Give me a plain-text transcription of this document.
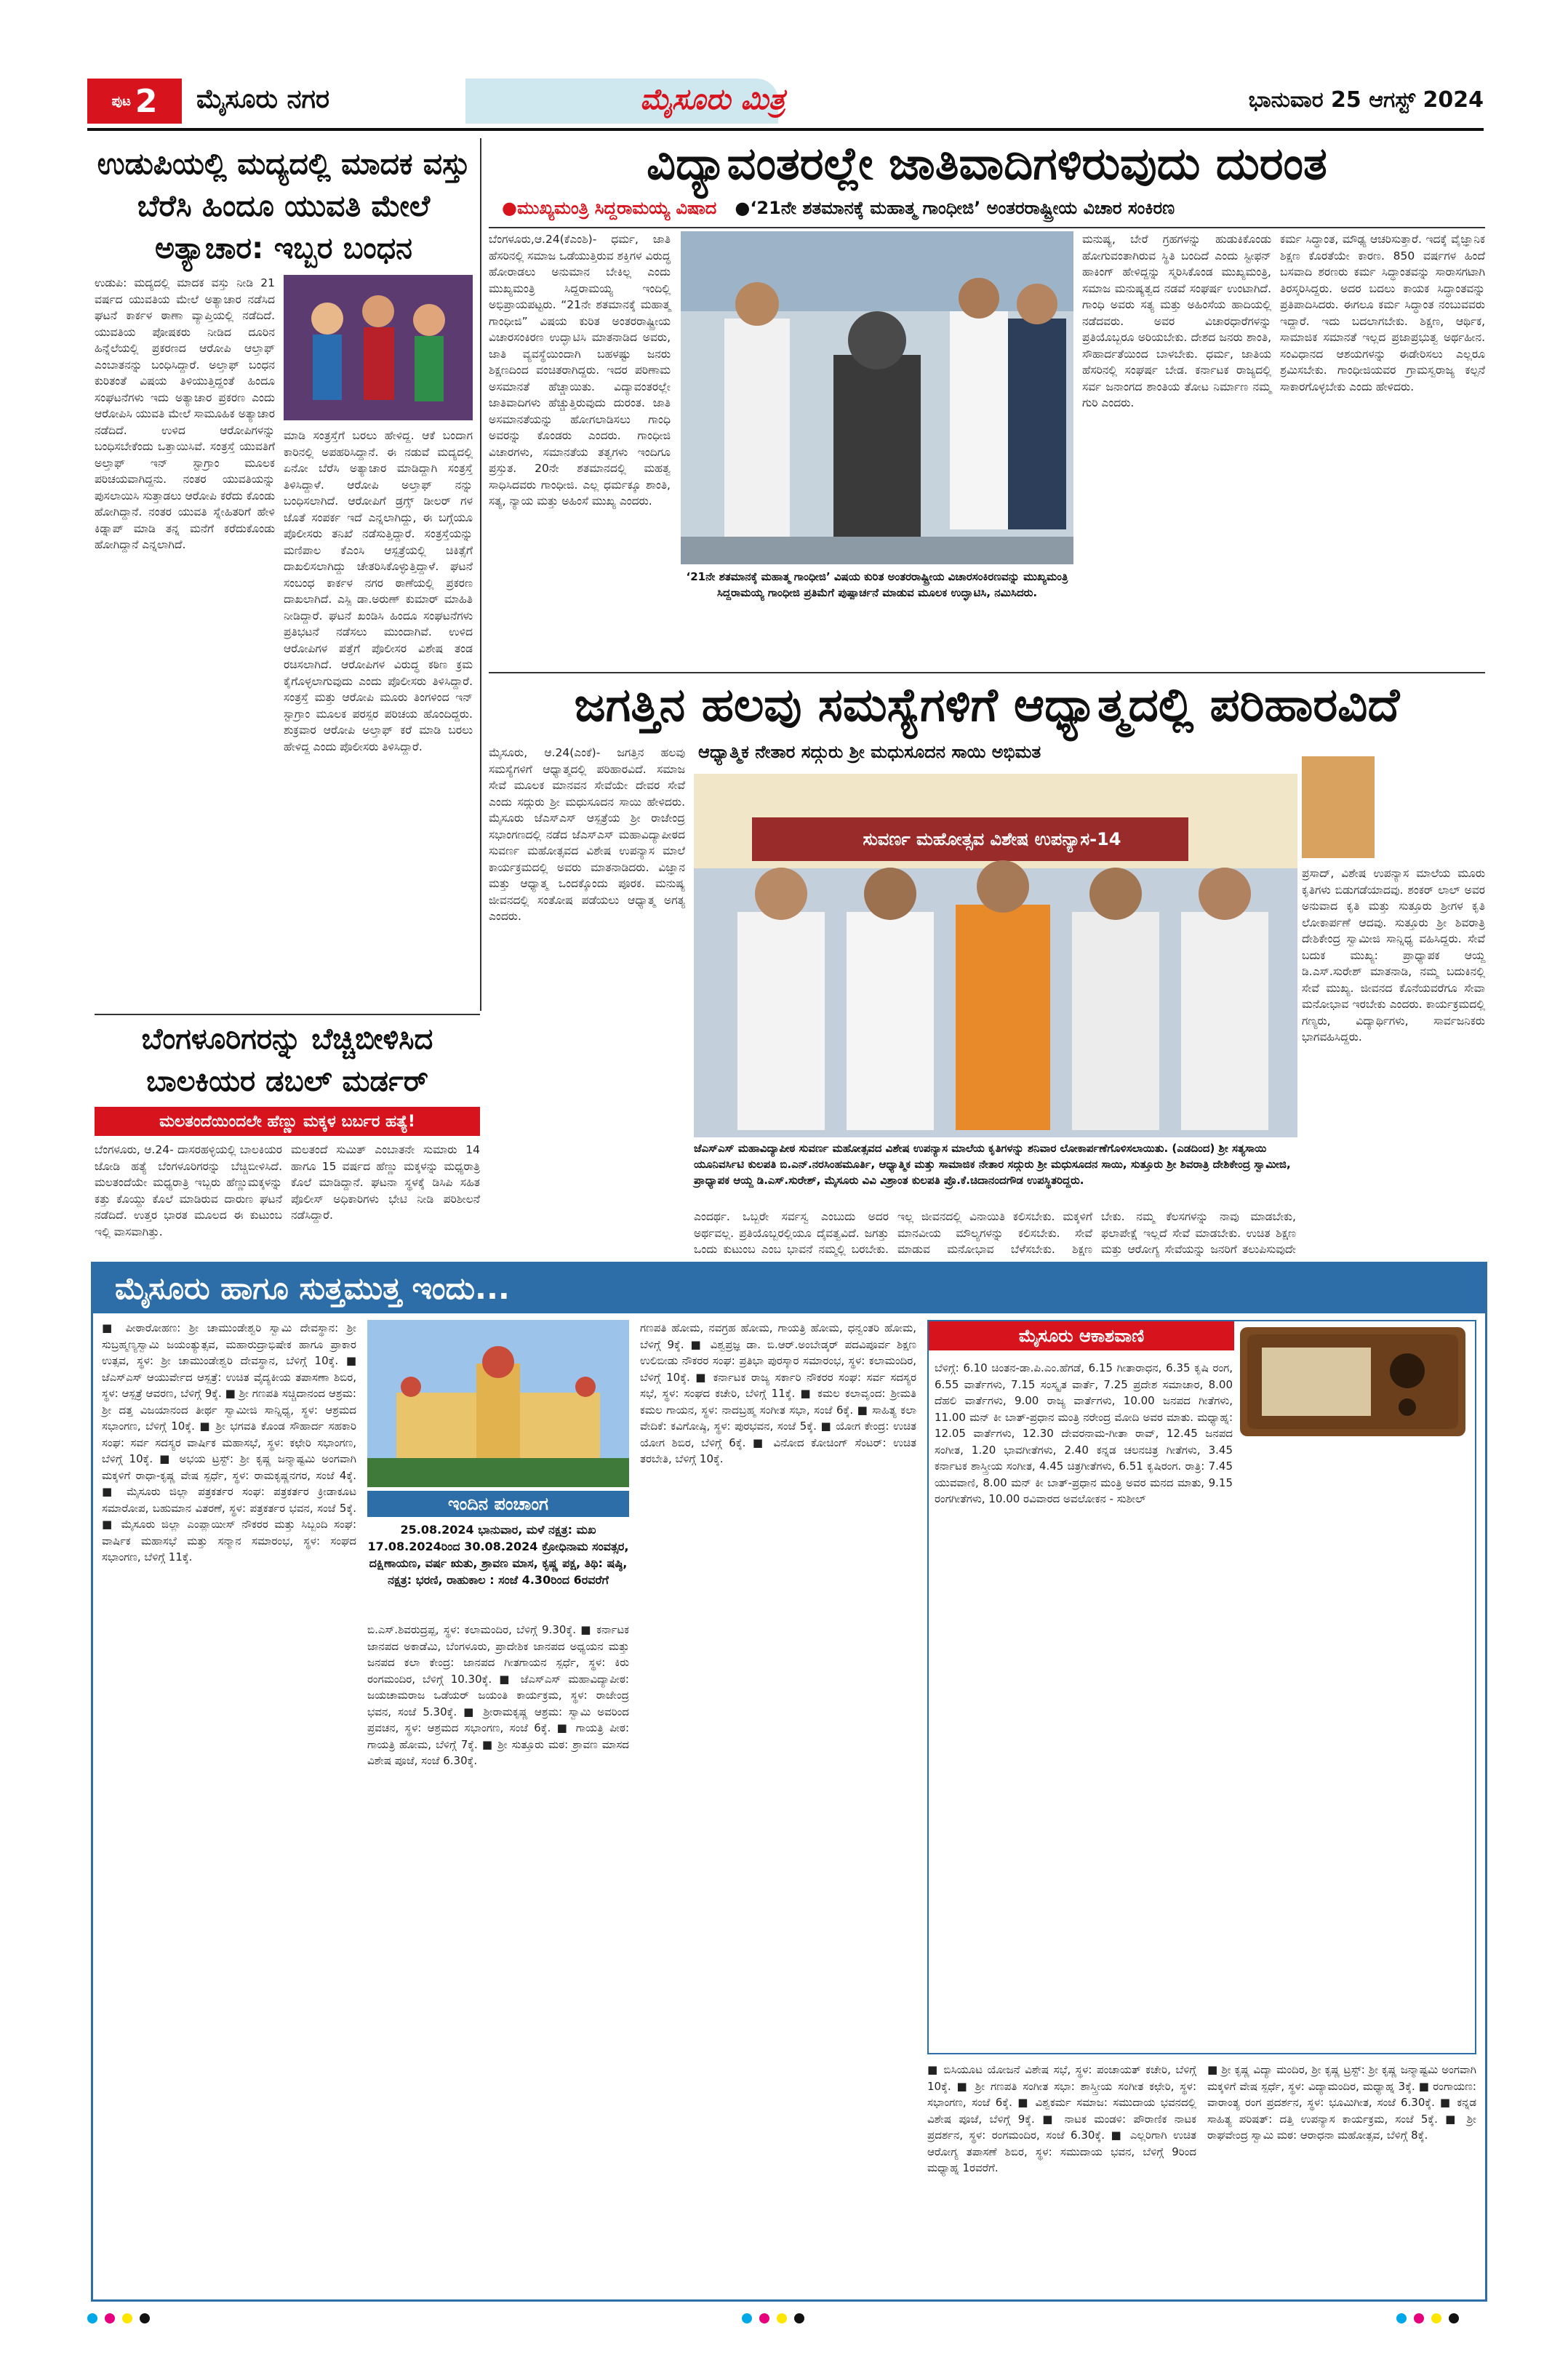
ಪುಟ 2 ಮೈಸೂರು ನಗರ	ಮೈಸೂರು ಮಿತ್ರ	ಭಾನುವಾರ 25 ಆಗಸ್ಟ್ 2024
ಉಡುಪಿಯಲ್ಲಿ ಮದ್ಯದಲ್ಲಿ ಮಾದಕ ವಸ್ತು ಬೆರೆಸಿ ಹಿಂದೂ ಯುವತಿ ಮೇಲೆ ಅತ್ಯಾಚಾರ: ಇಬ್ಬರ ಬಂಧನ
ಉಡುಪಿ: ಮದ್ಯದಲ್ಲಿ ಮಾದಕ ವಸ್ತು ನೀಡಿ 21 ವರ್ಷದ ಯುವತಿಯ ಮೇಲೆ ಅತ್ಯಾಚಾರ ನಡೆಸಿದ ಘಟನೆ ಕಾರ್ಕಳ ಠಾಣಾ ವ್ಯಾಪ್ತಿಯಲ್ಲಿ ನಡೆದಿದೆ. ಯುವತಿಯ ಪೋಷಕರು ನೀಡಿದ ದೂರಿನ ಹಿನ್ನೆಲೆಯಲ್ಲಿ ಪ್ರಕರಣದ ಆರೋಪಿ ಆಲ್ತಾಫ್ ಎಂಬಾತನನ್ನು ಬಂಧಿಸಿದ್ದಾರೆ. ಅಲ್ತಾಫ್ ಬಂಧನ ಕುರಿತಂತೆ ವಿಷಯ ತಿಳಿಯುತ್ತಿದ್ದಂತೆ ಹಿಂದೂ ಸಂಘಟನೆಗಳು ಇದು ಅತ್ಯಾಚಾರ ಪ್ರಕರಣ ಎಂದು ಆರೋಪಿಸಿ ಯುವತಿ ಮೇಲೆ ಸಾಮೂಹಿಕ ಅತ್ಯಾಚಾರ ನಡೆದಿದೆ. ಉಳಿದ ಆರೋಪಿಗಳನ್ನು ಬಂಧಿಸಬೇಕೆಂದು ಒತ್ತಾಯಿಸಿವೆ. ಸಂತ್ರಸ್ತೆ ಯುವತಿಗೆ ಅಲ್ತಾಫ್ ಇನ್ ಸ್ಟಾಗ್ರಾಂ ಮೂಲಕ ಪರಿಚಯವಾಗಿದ್ದನು. ನಂತರ ಯುವತಿಯನ್ನು ಪುಸಲಾಯಿಸಿ ಸುತ್ತಾಡಲು ಆರೋಪಿ ಕರೆದು ಕೊಂಡು ಹೋಗಿದ್ದಾನೆ. ನಂತರ ಯುವತಿ ಸ್ನೇಹಿತರಿಗೆ ಹೇಳಿ ಕಿಡ್ನಾಪ್ ಮಾಡಿ ತನ್ನ ಮನೆಗೆ ಕರೆದುಕೊಂಡು ಹೋಗಿದ್ದಾನೆ ಎನ್ನಲಾಗಿದೆ.
ಮಾಡಿ ಸಂತ್ರಸ್ತೆಗೆ ಬರಲು ಹೇಳಿದ್ದ. ಆಕೆ ಬಂದಾಗ ಕಾರಿನಲ್ಲಿ ಅಪಹರಿಸಿದ್ದಾನೆ. ಈ ನಡುವೆ ಮದ್ಯದಲ್ಲಿ ಏನೋ ಬೆರೆಸಿ ಅತ್ಯಾಚಾರ ಮಾಡಿದ್ದಾಗಿ ಸಂತ್ರಸ್ತೆ ತಿಳಿಸಿದ್ದಾಳೆ. ಆರೋಪಿ ಅಲ್ತಾಫ್ ನನ್ನು ಬಂಧಿಸಲಾಗಿದೆ. ಆರೋಪಿಗೆ ಡ್ರಗ್ಸ್ ಡೀಲರ್ ಗಳ ಜೊತೆ ಸಂಪರ್ಕ ಇದೆ ಎನ್ನಲಾಗಿದ್ದು, ಈ ಬಗ್ಗೆಯೂ ಪೊಲೀಸರು ತನಿಖೆ ನಡೆಸುತ್ತಿದ್ದಾರೆ. ಸಂತ್ರಸ್ತೆಯನ್ನು ಮಣಿಪಾಲ ಕೆಎಂಸಿ ಆಸ್ಪತ್ರೆಯಲ್ಲಿ ಚಿಕಿತ್ಸೆಗೆ ದಾಖಲಿಸಲಾಗಿದ್ದು ಚೇತರಿಸಿಕೊಳ್ಳುತ್ತಿದ್ದಾಳೆ. ಘಟನೆ ಸಂಬಂಧ ಕಾರ್ಕಳ ನಗರ ಠಾಣೆಯಲ್ಲಿ ಪ್ರಕರಣ ದಾಖಲಾಗಿದೆ. ಎಸ್ಪಿ ಡಾ.ಅರುಣ್ ಕುಮಾರ್ ಮಾಹಿತಿ ನೀಡಿದ್ದಾರೆ. ಘಟನೆ ಖಂಡಿಸಿ ಹಿಂದೂ ಸಂಘಟನೆಗಳು ಪ್ರತಿಭಟನೆ ನಡೆಸಲು ಮುಂದಾಗಿವೆ. ಉಳಿದ ಆರೋಪಿಗಳ ಪತ್ತೆಗೆ ಪೊಲೀಸರ ವಿಶೇಷ ತಂಡ ರಚಿಸಲಾಗಿದೆ. ಆರೋಪಿಗಳ ವಿರುದ್ಧ ಕಠಿಣ ಕ್ರಮ ಕೈಗೊಳ್ಳಲಾಗುವುದು ಎಂದು ಪೊಲೀಸರು ತಿಳಿಸಿದ್ದಾರೆ. ಸಂತ್ರಸ್ತೆ ಮತ್ತು ಆರೋಪಿ ಮೂರು ತಿಂಗಳಿಂದ ಇನ್ ಸ್ಟಾಗ್ರಾಂ ಮೂಲಕ ಪರಸ್ಪರ ಪರಿಚಯ ಹೊಂದಿದ್ದರು. ಶುಕ್ರವಾರ ಆರೋಪಿ ಅಲ್ತಾಫ್ ಕರೆ ಮಾಡಿ ಬರಲು ಹೇಳಿದ್ದ ಎಂದು ಪೊಲೀಸರು ತಿಳಿಸಿದ್ದಾರೆ.
ವಿದ್ಯಾವಂತರಲ್ಲೇ ಜಾತಿವಾದಿಗಳಿರುವುದು ದುರಂತ
●ಮುಖ್ಯಮಂತ್ರಿ ಸಿದ್ದರಾಮಯ್ಯ ವಿಷಾದ ●‘21ನೇ ಶತಮಾನಕ್ಕೆ ಮಹಾತ್ಮ ಗಾಂಧೀಜಿ’ ಅಂತರರಾಷ್ಟ್ರೀಯ ವಿಚಾರ ಸಂಕಿರಣ
ಬೆಂಗಳೂರು,ಆ.24(ಕೆಎಂಶಿ)- ಧರ್ಮ, ಜಾತಿ ಹೆಸರಿನಲ್ಲಿ ಸಮಾಜ ಒಡೆಯುತ್ತಿರುವ ಶಕ್ತಿಗಳ ವಿರುದ್ಧ ಹೋರಾಡಲು ಅನುಮಾನ ಬೇಕಿಲ್ಲ ಎಂದು ಮುಖ್ಯಮಂತ್ರಿ ಸಿದ್ದರಾಮಯ್ಯ ಇಂದಿಲ್ಲಿ ಅಭಿಪ್ರಾಯಪಟ್ಟರು. “21ನೇ ಶತಮಾನಕ್ಕೆ ಮಹಾತ್ಮ ಗಾಂಧೀಜಿ” ವಿಷಯ ಕುರಿತ ಅಂತರರಾಷ್ಟ್ರೀಯ ವಿಚಾರಸಂಕಿರಣ ಉದ್ಘಾಟಿಸಿ ಮಾತನಾಡಿದ ಅವರು, ಜಾತಿ ವ್ಯವಸ್ಥೆಯಿಂದಾಗಿ ಬಹಳಷ್ಟು ಜನರು ಶಿಕ್ಷಣದಿಂದ ವಂಚಿತರಾಗಿದ್ದರು. ಇದರ ಪರಿಣಾಮ ಅಸಮಾನತೆ ಹೆಚ್ಚಾಯಿತು. ವಿದ್ಯಾವಂತರಲ್ಲೇ ಜಾತಿವಾದಿಗಳು ಹೆಚ್ಚುತ್ತಿರುವುದು ದುರಂತ. ಜಾತಿ ಅಸಮಾನತೆಯನ್ನು ಹೋಗಲಾಡಿಸಲು ಗಾಂಧಿ ಅವರನ್ನು ಕೊಂಡರು ಎಂದರು. ಗಾಂಧೀಜಿ ವಿಚಾರಗಳು, ಸಮಾನತೆಯ ತತ್ವಗಳು ಇಂದಿಗೂ ಪ್ರಸ್ತುತ. 20ನೇ ಶತಮಾನದಲ್ಲಿ ಮಹತ್ವ ಸಾಧಿಸಿದವರು ಗಾಂಧೀಜಿ. ಎಲ್ಲ ಧರ್ಮಕ್ಕೂ ಶಾಂತಿ, ಸತ್ಯ, ನ್ಯಾಯ ಮತ್ತು ಅಹಿಂಸೆ ಮುಖ್ಯ ಎಂದರು.
‘21ನೇ ಶತಮಾನಕ್ಕೆ ಮಹಾತ್ಮ ಗಾಂಧೀಜಿ’ ವಿಷಯ ಕುರಿತ ಅಂತರರಾಷ್ಟ್ರೀಯ ವಿಚಾರಸಂಕಿರಣವನ್ನು ಮುಖ್ಯಮಂತ್ರಿ ಸಿದ್ದರಾಮಯ್ಯ ಗಾಂಧೀಜಿ ಪ್ರತಿಮೆಗೆ ಪುಷ್ಪಾರ್ಚನೆ ಮಾಡುವ ಮೂಲಕ ಉದ್ಘಾಟಿಸಿ, ನಮಿಸಿದರು.
ಮನುಷ್ಯ, ಬೇರೆ ಗ್ರಹಗಳನ್ನು ಹುಡುಕಿಕೊಂಡು ಹೋಗುವಂತಾಗಿರುವ ಸ್ಥಿತಿ ಬಂದಿದೆ ಎಂದು ಸ್ಟೀಫನ್ ಹಾಕಿಂಗ್ ಹೇಳಿದ್ದನ್ನು ಸ್ಮರಿಸಿಕೊಂಡ ಮುಖ್ಯಮಂತ್ರಿ, ಸಮಾಜ ಮನುಷ್ಯತ್ವದ ನಡವೆ ಸಂಘರ್ಷ ಉಂಟಾಗಿದೆ. ಗಾಂಧಿ ಅವರು ಸತ್ಯ ಮತ್ತು ಅಹಿಂಸೆಯ ಹಾದಿಯಲ್ಲಿ ನಡೆದವರು. ಅವರ ವಿಚಾರಧಾರೆಗಳನ್ನು ಪ್ರತಿಯೊಬ್ಬರೂ ಅರಿಯಬೇಕು. ದೇಶದ ಜನರು ಶಾಂತಿ, ಸೌಹಾರ್ದತೆಯಿಂದ ಬಾಳಬೇಕು. ಧರ್ಮ, ಜಾತಿಯ ಹೆಸರಿನಲ್ಲಿ ಸಂಘರ್ಷ ಬೇಡ. ಕರ್ನಾಟಕ ರಾಜ್ಯದಲ್ಲಿ ಸರ್ವ ಜನಾಂಗದ ಶಾಂತಿಯ ತೋಟ ನಿರ್ಮಾಣ ನಮ್ಮ ಗುರಿ ಎಂದರು.
ಕರ್ಮ ಸಿದ್ಧಾಂತ, ಮೌಢ್ಯ ಆಚರಿಸುತ್ತಾರೆ. ಇದಕ್ಕೆ ವೈಜ್ಞಾನಿಕ ಶಿಕ್ಷಣ ಕೊರತೆಯೇ ಕಾರಣ. 850 ವರ್ಷಗಳ ಹಿಂದೆ ಬಸವಾದಿ ಶರಣರು ಕರ್ಮ ಸಿದ್ಧಾಂತವನ್ನು ಸಾರಾಸಗಟಾಗಿ ತಿರಸ್ಕರಿಸಿದ್ದರು. ಅದರ ಬದಲು ಕಾಯಕ ಸಿದ್ಧಾಂತವನ್ನು ಪ್ರತಿಪಾದಿಸಿದರು. ಈಗಲೂ ಕರ್ಮ ಸಿದ್ಧಾಂತ ನಂಬುವವರು ಇದ್ದಾರೆ. ಇದು ಬದಲಾಗಬೇಕು. ಶಿಕ್ಷಣ, ಆರ್ಥಿಕ, ಸಾಮಾಜಿಕ ಸಮಾನತೆ ಇಲ್ಲದ ಪ್ರಜಾಪ್ರಭುತ್ವ ಅರ್ಥಹೀನ. ಸಂವಿಧಾನದ ಆಶಯಗಳನ್ನು ಈಡೇರಿಸಲು ಎಲ್ಲರೂ ಶ್ರಮಿಸಬೇಕು. ಗಾಂಧೀಜಿಯವರ ಗ್ರಾಮಸ್ವರಾಜ್ಯ ಕಲ್ಪನೆ ಸಾಕಾರಗೊಳ್ಳಬೇಕು ಎಂದು ಹೇಳಿದರು.
ಜಗತ್ತಿನ ಹಲವು ಸಮಸ್ಯೆಗಳಿಗೆ ಆಧ್ಯಾತ್ಮದಲ್ಲಿ ಪರಿಹಾರವಿದೆ
ಆಧ್ಯಾತ್ಮಿಕ ನೇತಾರ ಸದ್ಗುರು ಶ್ರೀ ಮಧುಸೂದನ ಸಾಯಿ ಅಭಿಮತ
ಮೈಸೂರು, ಆ.24(ಎಂಕೆ)- ಜಗತ್ತಿನ ಹಲವು ಸಮಸ್ಯೆಗಳಿಗೆ ಆಧ್ಯಾತ್ಮದಲ್ಲಿ ಪರಿಹಾರವಿದೆ. ಸಮಾಜ ಸೇವೆ ಮೂಲಕ ಮಾನವನ ಸೇವೆಯೇ ದೇವರ ಸೇವೆ ಎಂದು ಸದ್ಗುರು ಶ್ರೀ ಮಧುಸೂದನ ಸಾಯಿ ಹೇಳಿದರು. ಮೈಸೂರು ಜೆಎಸ್ಎಸ್ ಆಸ್ಪತ್ರೆಯ ಶ್ರೀ ರಾಜೇಂದ್ರ ಸಭಾಂಗಣದಲ್ಲಿ ನಡೆದ ಜೆಎಸ್ಎಸ್ ಮಹಾವಿದ್ಯಾಪೀಠದ ಸುವರ್ಣ ಮಹೋತ್ಸವದ ವಿಶೇಷ ಉಪನ್ಯಾಸ ಮಾಲೆ ಕಾರ್ಯಕ್ರಮದಲ್ಲಿ ಅವರು ಮಾತನಾಡಿದರು. ವಿಜ್ಞಾನ ಮತ್ತು ಆಧ್ಯಾತ್ಮ ಒಂದಕ್ಕೊಂದು ಪೂರಕ. ಮನುಷ್ಯ ಜೀವನದಲ್ಲಿ ಸಂತೋಷ ಪಡೆಯಲು ಆಧ್ಯಾತ್ಮ ಅಗತ್ಯ ಎಂದರು.
ಸುವರ್ಣ ಮಹೋತ್ಸವ ವಿಶೇಷ ಉಪನ್ಯಾಸ-14
ಪ್ರಸಾದ್, ವಿಶೇಷ ಉಪನ್ಯಾಸ ಮಾಲೆಯ ಮೂರು ಕೃತಿಗಳು ಬಿಡುಗಡೆಯಾದವು. ಶಂಕರ್ ಲಾಲ್ ಅವರ ಅನುವಾದ ಕೃತಿ ಮತ್ತು ಸುತ್ತೂರು ಶ್ರೀಗಳ ಕೃತಿ ಲೋಕಾರ್ಪಣೆ ಆದವು. ಸುತ್ತೂರು ಶ್ರೀ ಶಿವರಾತ್ರಿ ದೇಶಿಕೇಂದ್ರ ಸ್ವಾಮೀಜಿ ಸಾನ್ನಿಧ್ಯ ವಹಿಸಿದ್ದರು. ಸೇವೆ ಬದುಕ ಮುಖ್ಯ: ಪ್ರಾಧ್ಯಾಪಕ ಆಯ್ದ ಡಿ.ಎಸ್.ಸುರೇಶ್ ಮಾತನಾಡಿ, ನಮ್ಮ ಬದುಕಿನಲ್ಲಿ ಸೇವೆ ಮುಖ್ಯ. ಜೀವನದ ಕೊನೆಯವರೆಗೂ ಸೇವಾ ಮನೋಭಾವ ಇರಬೇಕು ಎಂದರು. ಕಾರ್ಯಕ್ರಮದಲ್ಲಿ ಗಣ್ಯರು, ವಿದ್ಯಾರ್ಥಿಗಳು, ಸಾರ್ವಜನಿಕರು ಭಾಗವಹಿಸಿದ್ದರು.
ಜೆಎಸ್ಎಸ್ ಮಹಾವಿದ್ಯಾಪೀಠ ಸುವರ್ಣ ಮಹೋತ್ಸವದ ವಿಶೇಷ ಉಪನ್ಯಾಸ ಮಾಲೆಯ ಕೃತಿಗಳನ್ನು ಶನಿವಾರ ಲೋಕಾರ್ಪಣೆಗೊಳಿಸಲಾಯಿತು. (ಎಡದಿಂದ) ಶ್ರೀ ಸತ್ಯಸಾಯಿ ಯೂನಿವರ್ಸಿಟಿ ಕುಲಪತಿ ಬಿ.ಎನ್.ನರಸಿಂಹಮೂರ್ತಿ, ಆಧ್ಯಾತ್ಮಿಕ ಮತ್ತು ಸಾಮಾಜಿಕ ನೇತಾರ ಸದ್ಗುರು ಶ್ರೀ ಮಧುಸೂದನ ಸಾಯಿ, ಸುತ್ತೂರು ಶ್ರೀ ಶಿವರಾತ್ರಿ ದೇಶಿಕೇಂದ್ರ ಸ್ವಾಮೀಜಿ, ಪ್ರಾಧ್ಯಾಪಕ ಆಯ್ದ ಡಿ.ಎಸ್.ಸುರೇಶ್, ಮೈಸೂರು ವಿವಿ ವಿಶ್ರಾಂತ ಕುಲಪತಿ ಪ್ರೊ.ಕೆ.ಚಿದಾನಂದಗೌಡ ಉಪಸ್ಥಿತರಿದ್ದರು.
ಎಂದರ್ಥ. ಒಬ್ಬರೇ ಸರ್ವಸ್ವ ಎಂಬುದು ಅದರ ಅರ್ಥವಲ್ಲ. ಪ್ರತಿಯೊಬ್ಬರಲ್ಲಿಯೂ ದೈವತ್ವವಿದೆ. ಜಗತ್ತು ಒಂದು ಕುಟುಂಬ ಎಂಬ ಭಾವನೆ ನಮ್ಮಲ್ಲಿ ಬರಬೇಕು.
ಇಲ್ಲ ಜೀವನದಲ್ಲಿ ವಿನಾಯಿತಿ ಕಲಿಸಬೇಕು. ಮಕ್ಕಳಿಗೆ ಮಾನವೀಯ ಮೌಲ್ಯಗಳನ್ನು ಕಲಿಸಬೇಕು. ಸೇವೆ ಮಾಡುವ ಮನೋಭಾವ ಬೆಳೆಸಬೇಕು. ಶಿಕ್ಷಣ
ಬೇಕು. ನಮ್ಮ ಕೆಲಸಗಳನ್ನು ನಾವು ಮಾಡಬೇಕು, ಫಲಾಪೇಕ್ಷೆ ಇಲ್ಲದೆ ಸೇವೆ ಮಾಡಬೇಕು. ಉಚಿತ ಶಿಕ್ಷಣ ಮತ್ತು ಆರೋಗ್ಯ ಸೇವೆಯನ್ನು ಜನರಿಗೆ ತಲುಪಿಸುವುದೇ
ಬೆಂಗಳೂರಿಗರನ್ನು ಬೆಚ್ಚಿಬೀಳಿಸಿದ ಬಾಲಕಿಯರ ಡಬಲ್ ಮರ್ಡರ್
ಮಲತಂದೆಯಿಂದಲೇ ಹೆಣ್ಣು ಮಕ್ಕಳ ಬರ್ಬರ ಹತ್ಯೆ!
ಬೆಂಗಳೂರು, ಆ.24- ದಾಸರಹಳ್ಳಿಯಲ್ಲಿ ಬಾಲಕಿಯರ ಜೋಡಿ ಹತ್ಯೆ ಬೆಂಗಳೂರಿಗರನ್ನು ಬೆಚ್ಚಿಬೀಳಿಸಿದೆ. ಮಲತಂದೆಯೇ ಮಧ್ಯರಾತ್ರಿ ಇಬ್ಬರು ಹೆಣ್ಣುಮಕ್ಕಳನ್ನು ಕತ್ತು ಕೊಯ್ದು ಕೊಲೆ ಮಾಡಿರುವ ದಾರುಣ ಘಟನೆ ನಡೆದಿದೆ. ಉತ್ತರ ಭಾರತ ಮೂಲದ ಈ ಕುಟುಂಬ ಇಲ್ಲಿ ವಾಸವಾಗಿತ್ತು.
ಮಲತಂದೆ ಸುಮಿತ್ ಎಂಬಾತನೇ ಸುಮಾರು 14 ಹಾಗೂ 15 ವರ್ಷದ ಹೆಣ್ಣು ಮಕ್ಕಳನ್ನು ಮಧ್ಯರಾತ್ರಿ ಕೊಲೆ ಮಾಡಿದ್ದಾನೆ. ಘಟನಾ ಸ್ಥಳಕ್ಕೆ ಡಿಸಿಪಿ ಸಹಿತ ಪೊಲೀಸ್ ಅಧಿಕಾರಿಗಳು ಭೇಟಿ ನೀಡಿ ಪರಿಶೀಲನೆ ನಡೆಸಿದ್ದಾರೆ.
ಮೈಸೂರು ಹಾಗೂ ಸುತ್ತಮುತ್ತ ಇಂದು...
■ ಪೀಠಾರೋಹಣ: ಶ್ರೀ ಚಾಮುಂಡೇಶ್ವರಿ ಸ್ವಾಮಿ ದೇವಸ್ಥಾನ: ಶ್ರೀ ಸುಬ್ರಹ್ಮಣ್ಯಸ್ವಾಮಿ ಜಯಂತ್ಯುತ್ಸವ, ಮಹಾರುದ್ರಾಭಿಷೇಕ ಹಾಗೂ ಪ್ರಾಕಾರ ಉತ್ಸವ, ಸ್ಥಳ: ಶ್ರೀ ಚಾಮುಂಡೇಶ್ವರಿ ದೇವಸ್ಥಾನ, ಬೆಳಿಗ್ಗೆ 10ಕ್ಕೆ. ■ ಜೆಎಸ್ಎಸ್ ಆಯುರ್ವೇದ ಆಸ್ಪತ್ರೆ: ಉಚಿತ ವೈದ್ಯಕೀಯ ತಪಾಸಣಾ ಶಿಬಿರ, ಸ್ಥಳ: ಆಸ್ಪತ್ರೆ ಆವರಣ, ಬೆಳಿಗ್ಗೆ 9ಕ್ಕೆ. ■ ಶ್ರೀ ಗಣಪತಿ ಸಚ್ಚಿದಾನಂದ ಆಶ್ರಮ: ಶ್ರೀ ದತ್ತ ವಿಜಯಾನಂದ ತೀರ್ಥ ಸ್ವಾಮೀಜಿ ಸಾನ್ನಿಧ್ಯ, ಸ್ಥಳ: ಆಶ್ರಮದ ಸಭಾಂಗಣ, ಬೆಳಿಗ್ಗೆ 10ಕ್ಕೆ. ■ ಶ್ರೀ ಭಗವತಿ ಕೊಂಡ ಸೌಹಾರ್ದ ಸಹಕಾರಿ ಸಂಘ: ಸರ್ವ ಸದಸ್ಯರ ವಾರ್ಷಿಕ ಮಹಾಸಭೆ, ಸ್ಥಳ: ಕಛೇರಿ ಸಭಾಂಗಣ, ಬೆಳಿಗ್ಗೆ 10ಕ್ಕೆ. ■ ಅಭಯ ಟ್ರಸ್ಟ್: ಶ್ರೀ ಕೃಷ್ಣ ಜನ್ಮಾಷ್ಟಮಿ ಅಂಗವಾಗಿ ಮಕ್ಕಳಿಗೆ ರಾಧಾ-ಕೃಷ್ಣ ವೇಷ ಸ್ಪರ್ಧೆ, ಸ್ಥಳ: ರಾಮಕೃಷ್ಣನಗರ, ಸಂಜೆ 4ಕ್ಕೆ. ■ ಮೈಸೂರು ಜಿಲ್ಲಾ ಪತ್ರಕರ್ತರ ಸಂಘ: ಪತ್ರಕರ್ತರ ಕ್ರೀಡಾಕೂಟ ಸಮಾರೋಪ, ಬಹುಮಾನ ವಿತರಣೆ, ಸ್ಥಳ: ಪತ್ರಕರ್ತರ ಭವನ, ಸಂಜೆ 5ಕ್ಕೆ. ■ ಮೈಸೂರು ಜಿಲ್ಲಾ ಎಂಪ್ಲಾಯೀಸ್ ನೌಕರರ ಮತ್ತು ಸಿಬ್ಬಂದಿ ಸಂಘ: ವಾರ್ಷಿಕ ಮಹಾಸಭೆ ಮತ್ತು ಸನ್ಮಾನ ಸಮಾರಂಭ, ಸ್ಥಳ: ಸಂಘದ ಸಭಾಂಗಣ, ಬೆಳಿಗ್ಗೆ 11ಕ್ಕೆ.
ಇಂದಿನ ಪಂಚಾಂಗ
25.08.2024 ಭಾನುವಾರ, ಮಳೆ ನಕ್ಷತ್ರ: ಮಖ 17.08.2024ರಿಂದ 30.08.2024 ಕ್ರೋಧಿನಾಮ ಸಂವತ್ಸರ, ದಕ್ಷಿಣಾಯಣ, ವರ್ಷ ಋತು, ಶ್ರಾವಣ ಮಾಸ, ಕೃಷ್ಣ ಪಕ್ಷ, ತಿಥಿ: ಷಷ್ಠಿ, ನಕ್ಷತ್ರ: ಭರಣಿ, ರಾಹುಕಾಲ : ಸಂಜೆ 4.30ರಿಂದ 6ರವರೆಗೆ
ಬಿ.ಎಸ್.ಶಿವರುದ್ರಪ್ಪ, ಸ್ಥಳ: ಕಲಾಮಂದಿರ, ಬೆಳಿಗ್ಗೆ 9.30ಕ್ಕೆ. ■ ಕರ್ನಾಟಕ ಜಾನಪದ ಅಕಾಡೆಮಿ, ಬೆಂಗಳೂರು, ಪ್ರಾದೇಶಿಕ ಜಾನಪದ ಅಧ್ಯಯನ ಮತ್ತು ಜನಪದ ಕಲಾ ಕೇಂದ್ರ: ಜಾನಪದ ಗೀತಗಾಯನ ಸ್ಪರ್ಧೆ, ಸ್ಥಳ: ಕಿರು ರಂಗಮಂದಿರ, ಬೆಳಿಗ್ಗೆ 10.30ಕ್ಕೆ. ■ ಜೆಎಸ್ಎಸ್ ಮಹಾವಿದ್ಯಾಪೀಠ: ಜಯಚಾಮರಾಜ ಒಡೆಯರ್ ಜಯಂತಿ ಕಾರ್ಯಕ್ರಮ, ಸ್ಥಳ: ರಾಜೇಂದ್ರ ಭವನ, ಸಂಜೆ 5.30ಕ್ಕೆ. ■ ಶ್ರೀರಾಮಕೃಷ್ಣ ಆಶ್ರಮ: ಸ್ವಾಮಿ ಅವರಿಂದ ಪ್ರವಚನ, ಸ್ಥಳ: ಆಶ್ರಮದ ಸಭಾಂಗಣ, ಸಂಜೆ 6ಕ್ಕೆ. ■ ಗಾಯತ್ರಿ ಪೀಠ: ಗಾಯತ್ರಿ ಹೋಮ, ಬೆಳಿಗ್ಗೆ 7ಕ್ಕೆ. ■ ಶ್ರೀ ಸುತ್ತೂರು ಮಠ: ಶ್ರಾವಣ ಮಾಸದ ವಿಶೇಷ ಪೂಜೆ, ಸಂಜೆ 6.30ಕ್ಕೆ.
ಗಣಪತಿ ಹೋಮ, ನವಗ್ರಹ ಹೋಮ, ಗಾಯತ್ರಿ ಹೋಮ, ಧನ್ವಂತರಿ ಹೋಮ, ಬೆಳಿಗ್ಗೆ 9ಕ್ಕೆ. ■ ವಿಶ್ವಪ್ರಜ್ಞ ಡಾ. ಬಿ.ಆರ್.ಅಂಬೇಡ್ಕರ್ ಪದವಿಪೂರ್ವ ಶಿಕ್ಷಣ ಉಲಿಬೀಡು ನೌಕರರ ಸಂಘ: ಪ್ರತಿಭಾ ಪುರಸ್ಕಾರ ಸಮಾರಂಭ, ಸ್ಥಳ: ಕಲಾಮಂದಿರ, ಬೆಳಿಗ್ಗೆ 10ಕ್ಕೆ. ■ ಕರ್ನಾಟಕ ರಾಜ್ಯ ಸರ್ಕಾರಿ ನೌಕರರ ಸಂಘ: ಸರ್ವ ಸದಸ್ಯರ ಸಭೆ, ಸ್ಥಳ: ಸಂಘದ ಕಚೇರಿ, ಬೆಳಿಗ್ಗೆ 11ಕ್ಕೆ. ■ ಕಮಲ ಕಲಾವೃಂದ: ಶ್ರೀಮತಿ ಕಮಲ ಗಾಯನ, ಸ್ಥಳ: ನಾದಬ್ರಹ್ಮ ಸಂಗೀತ ಸಭಾ, ಸಂಜೆ 6ಕ್ಕೆ. ■ ಸಾಹಿತ್ಯ ಕಲಾ ವೇದಿಕೆ: ಕವಿಗೋಷ್ಠಿ, ಸ್ಥಳ: ಪುರಭವನ, ಸಂಜೆ 5ಕ್ಕೆ. ■ ಯೋಗ ಕೇಂದ್ರ: ಉಚಿತ ಯೋಗ ಶಿಬಿರ, ಬೆಳಿಗ್ಗೆ 6ಕ್ಕೆ. ■ ವಿನೋದ ಕೋಚಿಂಗ್ ಸೆಂಟರ್: ಉಚಿತ ತರಬೇತಿ, ಬೆಳಿಗ್ಗೆ 10ಕ್ಕೆ.
ಮೈಸೂರು ಆಕಾಶವಾಣಿ
ಬೆಳಿಗ್ಗೆ: 6.10 ಚಿಂತನ-ಡಾ.ಪಿ.ಎಂ.ಹೆಗಡೆ, 6.15 ಗೀತಾರಾಧನ, 6.35 ಕೃಷಿ ರಂಗ, 6.55 ವಾರ್ತೆಗಳು, 7.15 ಸಂಸ್ಕೃತ ವಾರ್ತೆ, 7.25 ಪ್ರದೇಶ ಸಮಾಚಾರ, 8.00 ದೆಹಲಿ ವಾರ್ತೆಗಳು, 9.00 ರಾಜ್ಯ ವಾರ್ತೆಗಳು, 10.00 ಜನಪದ ಗೀತೆಗಳು, 11.00 ಮನ್ ಕೀ ಬಾತ್-ಪ್ರಧಾನ ಮಂತ್ರಿ ನರೇಂದ್ರ ಮೋದಿ ಅವರ ಮಾತು. ಮಧ್ಯಾಹ್ನ: 12.05 ವಾರ್ತೆಗಳು, 12.30 ದೇವರನಾಮ-ಗೀತಾ ರಾವ್, 12.45 ಜನಪದ ಸಂಗೀತ, 1.20 ಭಾವಗೀತೆಗಳು, 2.40 ಕನ್ನಡ ಚಲನಚಿತ್ರ ಗೀತೆಗಳು, 3.45 ಕರ್ನಾಟಕ ಶಾಸ್ತ್ರೀಯ ಸಂಗೀತ, 4.45 ಚಿತ್ರಗೀತೆಗಳು, 6.51 ಕೃಷಿರಂಗ. ರಾತ್ರಿ: 7.45 ಯುವವಾಣಿ, 8.00 ಮನ್ ಕೀ ಬಾತ್-ಪ್ರಧಾನ ಮಂತ್ರಿ ಅವರ ಮನದ ಮಾತು, 9.15 ರಂಗಗೀತೆಗಳು, 10.00 ರವಿವಾರದ ಅವಲೋಕನ - ಸುಶೀಲ್
■ ಬಿಸಿಯೂಟ ಯೋಜನೆ ವಿಶೇಷ ಸಭೆ, ಸ್ಥಳ: ಪಂಚಾಯತ್ ಕಚೇರಿ, ಬೆಳಿಗ್ಗೆ 10ಕ್ಕೆ. ■ ಶ್ರೀ ಗಣಪತಿ ಸಂಗೀತ ಸಭಾ: ಶಾಸ್ತ್ರೀಯ ಸಂಗೀತ ಕಛೇರಿ, ಸ್ಥಳ: ಸಭಾಂಗಣ, ಸಂಜೆ 6ಕ್ಕೆ. ■ ವಿಶ್ವಕರ್ಮ ಸಮಾಜ: ಸಮುದಾಯ ಭವನದಲ್ಲಿ ವಿಶೇಷ ಪೂಜೆ, ಬೆಳಿಗ್ಗೆ 9ಕ್ಕೆ. ■ ನಾಟಕ ಮಂಡಳಿ: ಪೌರಾಣಿಕ ನಾಟಕ ಪ್ರದರ್ಶನ, ಸ್ಥಳ: ರಂಗಮಂದಿರ, ಸಂಜೆ 6.30ಕ್ಕೆ. ■ ಎಲ್ಲರಿಗಾಗಿ ಉಚಿತ ಆರೋಗ್ಯ ತಪಾಸಣೆ ಶಿಬಿರ, ಸ್ಥಳ: ಸಮುದಾಯ ಭವನ, ಬೆಳಿಗ್ಗೆ 9ರಿಂದ ಮಧ್ಯಾಹ್ನ 1ರವರೆಗೆ.
■ ಶ್ರೀ ಕೃಷ್ಣ ವಿದ್ಯಾ ಮಂದಿರ, ಶ್ರೀ ಕೃಷ್ಣ ಟ್ರಸ್ಟ್: ಶ್ರೀ ಕೃಷ್ಣ ಜನ್ಮಾಷ್ಟಮಿ ಅಂಗವಾಗಿ ಮಕ್ಕಳಿಗೆ ವೇಷ ಸ್ಪರ್ಧೆ, ಸ್ಥಳ: ವಿದ್ಯಾಮಂದಿರ, ಮಧ್ಯಾಹ್ನ 3ಕ್ಕೆ. ■ ರಂಗಾಯಣ: ವಾರಾಂತ್ಯ ರಂಗ ಪ್ರದರ್ಶನ, ಸ್ಥಳ: ಭೂಮಿಗೀತ, ಸಂಜೆ 6.30ಕ್ಕೆ. ■ ಕನ್ನಡ ಸಾಹಿತ್ಯ ಪರಿಷತ್: ದತ್ತಿ ಉಪನ್ಯಾಸ ಕಾರ್ಯಕ್ರಮ, ಸಂಜೆ 5ಕ್ಕೆ. ■ ಶ್ರೀ ರಾಘವೇಂದ್ರ ಸ್ವಾಮಿ ಮಠ: ಆರಾಧನಾ ಮಹೋತ್ಸವ, ಬೆಳಿಗ್ಗೆ 8ಕ್ಕೆ.
